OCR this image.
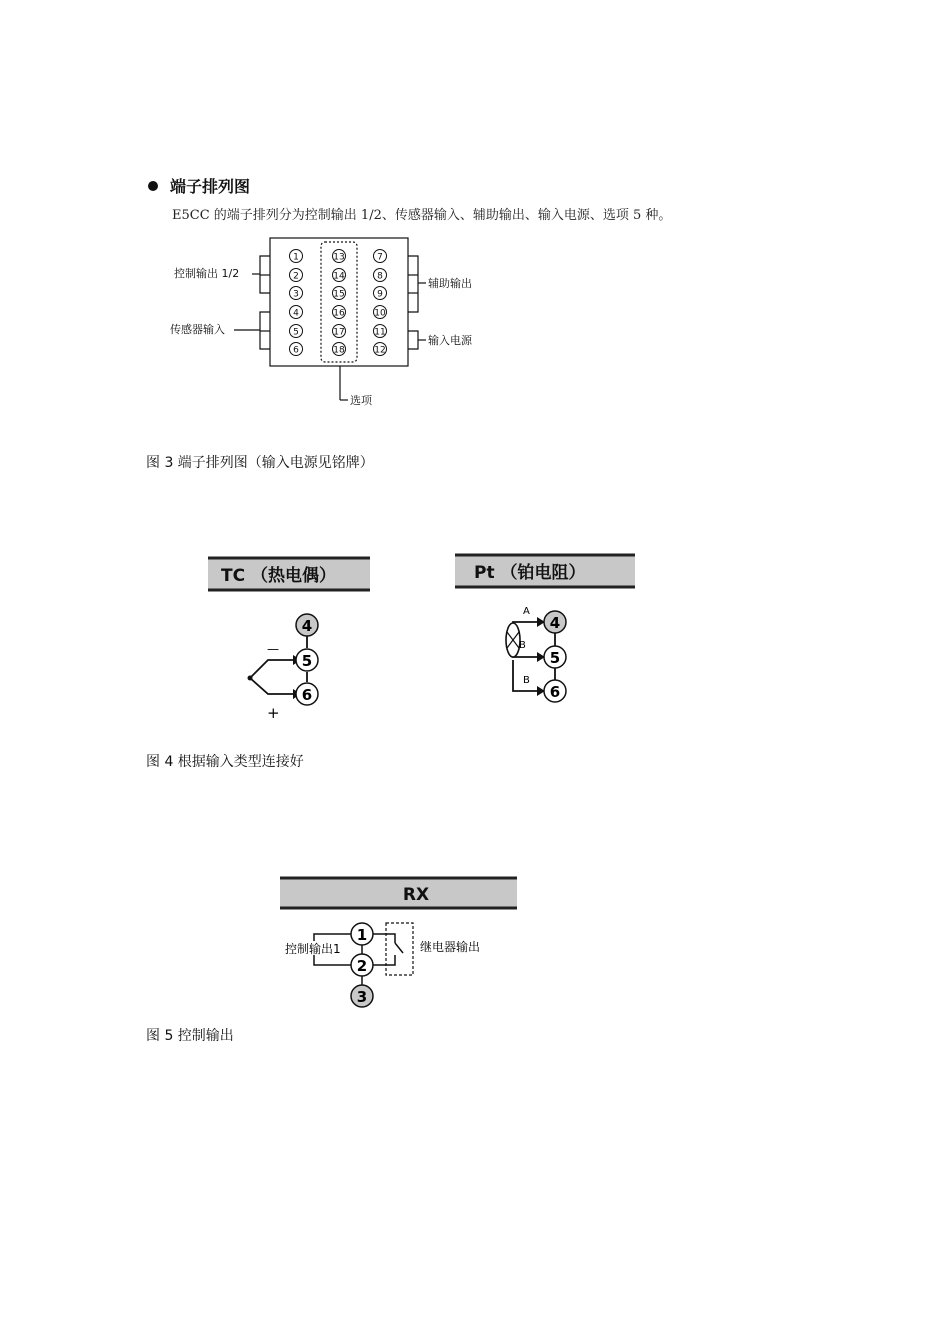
端子排列图
E5CC 的端子排列分为控制输出 1/2、传感器输入、辅助输出、输入电源、选项 5 种。
1
2
3
4
5
6
13
14
15
16
17
18
7
8
9
10
11
12
控制输出 1/2
传感器输入
辅助输出
输入电源
选项
图 3 端子排列图（输入电源见铭牌）
TC （热电偶）
4
5
6
—
+
Pt （铂电阻）
A
B
B
4
5
6
图 4 根据输入类型连接好
RX
控制输出1	继电器输出
1
2
3
图 5 控制输出
